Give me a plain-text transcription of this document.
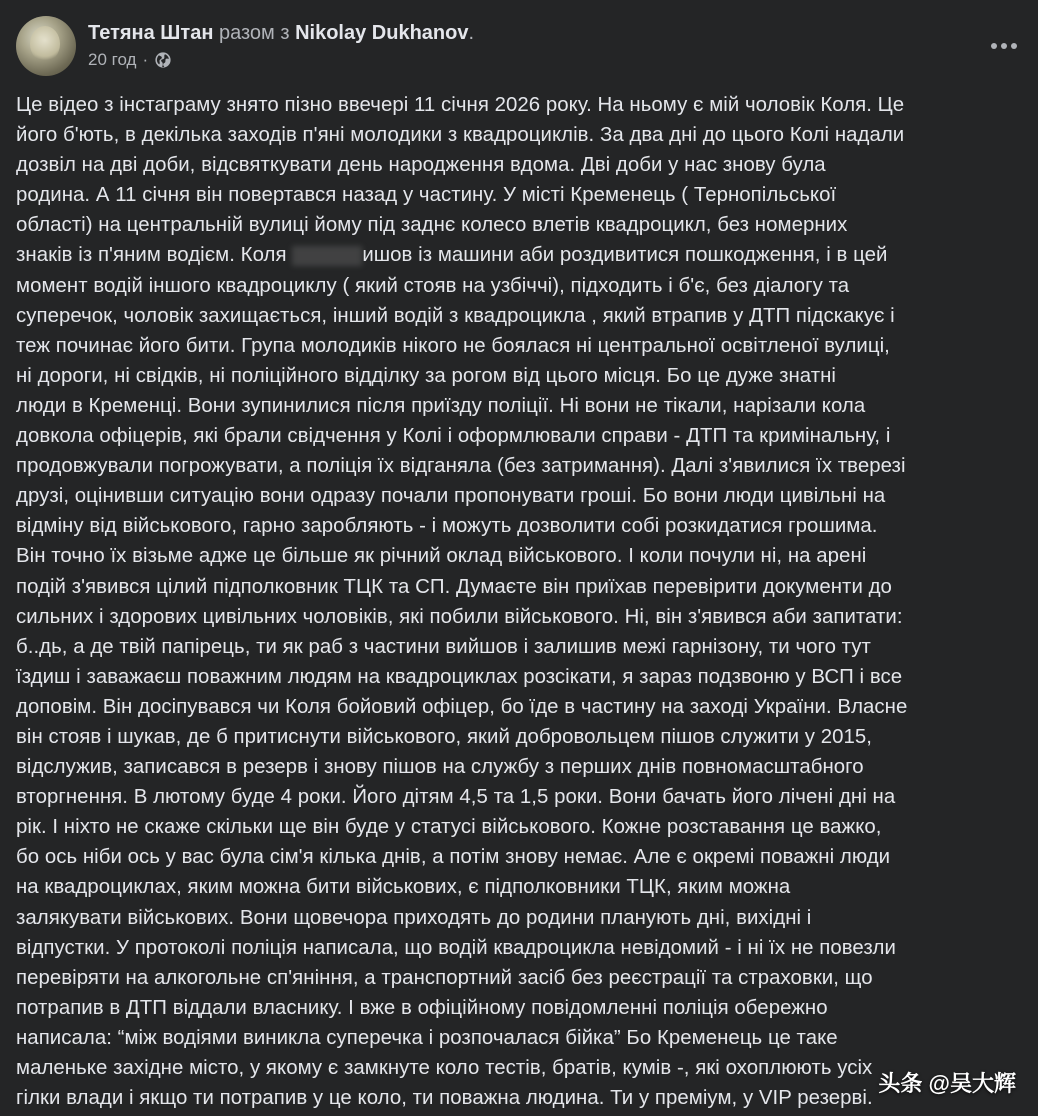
Тетяна Штан разом з Nikolay Dukhanov.
20 год ·
Це відео з інстаграму знято пізно ввечері 11 січня 2026 року. На ньому є мій чоловік Коля. Це
його б'ють, в декілька заходів п'яні молодики з квадроциклів. За два дні до цього Колі надали
дозвіл на дві доби, відсвяткувати день народження вдома. Дві доби у нас знову була
родина. А 11 січня він повертався назад у частину. У місті Кременець ( Тернопільської
області) на центральній вулиці йому під заднє колесо влетів квадроцикл, без номерних
знаків із п'яним водієм. Коля	ишов із машини аби роздивитися пошкодження, і в цей
момент водій іншого квадроциклу ( який стояв на узбіччі), підходить і б'є, без діалогу та
суперечок, чоловік захищається, інший водій з квадроцикла , який втрапив у ДТП підскакує і
теж починає його бити. Група молодиків нікого не боялася ні центральної освітленої вулиці,
ні дороги, ні свідків, ні поліційного відділку за рогом від цього місця. Бо це дуже знатні
люди в Кременці. Вони зупинилися після приїзду поліції. Ні вони не тікали, нарізали кола
довкола офіцерів, які брали свідчення у Колі і оформлювали справи - ДТП та кримінальну, і
продовжували погрожувати, а поліція їх відганяла (без затримання). Далі з'явилися їх тверезі
друзі, оцінивши ситуацію вони одразу почали пропонувати гроші. Бо вони люди цивільні на
відміну від військового, гарно заробляють - і можуть дозволити собі розкидатися грошима.
Він точно їх візьме адже це більше як річний оклад військового. І коли почули ні, на арені
подій з'явився цілий підполковник ТЦК та СП. Думаєте він приїхав перевірити документи до
сильних і здорових цивільних чоловіків, які побили військового. Ні, він з'явився аби запитати:
б..дь, а де твій папірець, ти як раб з частини вийшов і залишив межі гарнізону, ти чого тут
їздиш і заважаєш поважним людям на квадроциклах розсікати, я зараз подзвоню у ВСП і все
доповім. Він досіпувався чи Коля бойовий офіцер, бо їде в частину на заході України. Власне
він стояв і шукав, де б притиснути військового, який добровольцем пішов служити у 2015,
відслужив, записався в резерв і знову пішов на службу з перших днів повномасштабного
вторгнення. В лютому буде 4 роки. Його дітям 4,5 та 1,5 роки. Вони бачать його лічені дні на
рік. І ніхто не скаже скільки ще він буде у статусі військового. Кожне розставання це важко,
бо ось ніби ось у вас була сім'я кілька днів, а потім знову немає. Але є окремі поважні люди
на квадроциклах, яким можна бити військових, є підполковники ТЦК, яким можна
залякувати військових. Вони щовечора приходять до родини планують дні, вихідні і
відпустки. У протоколі поліція написала, що водій квадроцикла невідомий - і ні їх не повезли
перевіряти на алкогольне сп'яніння, а транспортний засіб без реєстрації та страховки, що
потрапив в ДТП віддали власнику. І вже в офіційному повідомленні поліція обережно
написала: “між водіями виникла суперечка і розпочалася бійка” Бо Кременець це таке
маленьке західне місто, у якому є замкнуте коло тестів, братів, кумів -, які охоплюють усіх
гілки влади і якщо ти потрапив у це коло, ти поважна людина. Ти у преміум, у VIP резерві.
头条 @吴大辉
